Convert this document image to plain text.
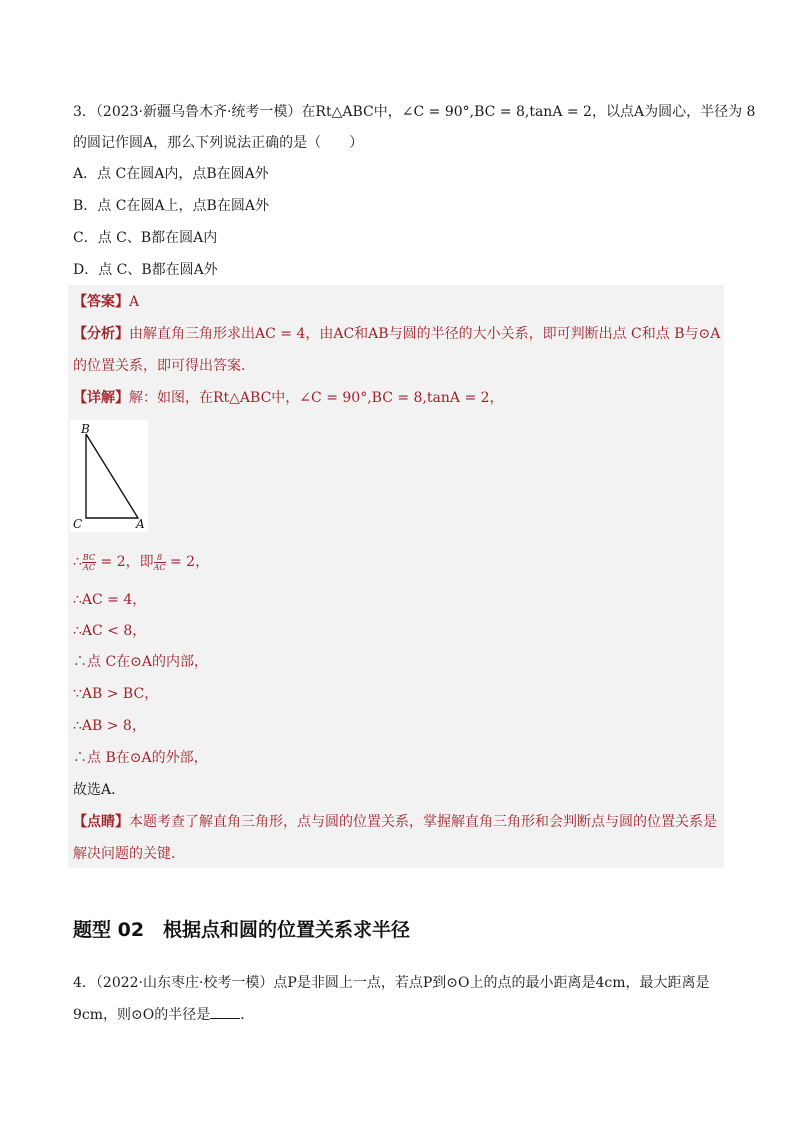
3．（2023·新疆乌鲁木齐·统考一模）在Rt△ABC中，∠C = 90°,BC = 8,tanA = 2，以点A为圆心，半径为 8
的圆记作圆A，那么下列说法正确的是（　　）
A．点 C在圆A内，点B在圆A外
B．点 C在圆A上，点B在圆A外
C．点 C、B都在圆A内
D．点 C、B都在圆A外
【答案】A
【分析】由解直角三角形求出AC = 4，由AC和AB与圆的半径的大小关系，即可判断出点 C和点 B与⊙A
的位置关系，即可得出答案．
【详解】解：如图，在Rt△ABC中，∠C = 90°,BC = 8,tanA = 2，
B
C	A
∴ $\frac{BC}{AC} = 2$，即 $\frac{8}{AC} = 2$，
∴AC = 4，
∴AC < 8，
∴点 C在⊙A的内部，
∵AB > BC，
∴AB > 8，
∴点 B在⊙A的外部，
故选A．
【点睛】本题考查了解直角三角形，点与圆的位置关系，掌握解直角三角形和会判断点与圆的位置关系是
解决问题的关键．
题型 02　根据点和圆的位置关系求半径
4．（2022·山东枣庄·校考一模）点P是非圆上一点，若点P到⊙O上的点的最小距离是4cm，最大距离是
9cm，则⊙O的半径是 ．
